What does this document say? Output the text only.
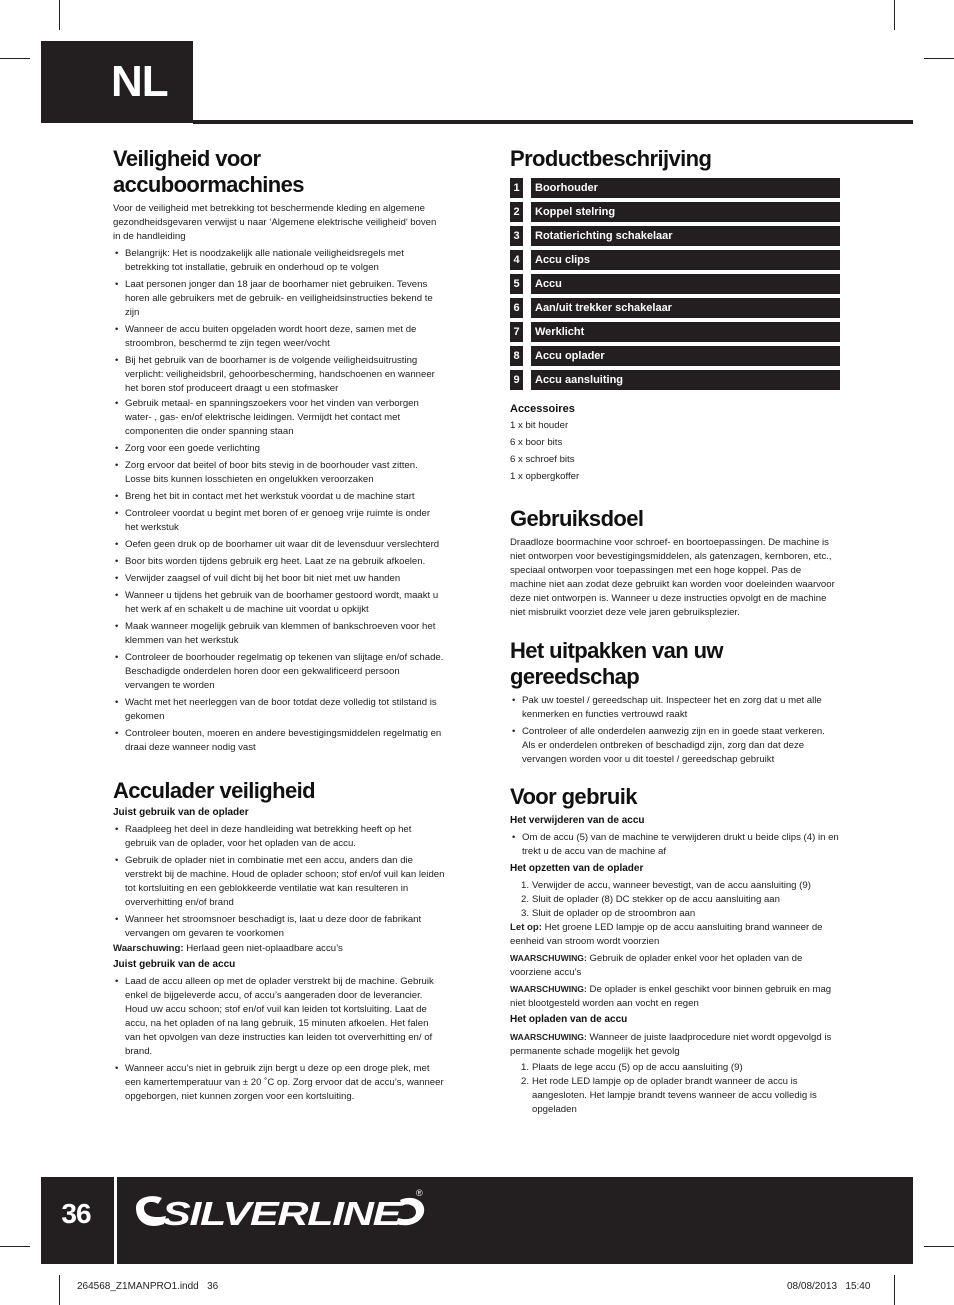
NL
Veiligheid voor accuboormachines

Voor de veiligheid met betrekking tot beschermende kleding en algemene gezondheidsgevaren verwijst u naar ‘Algemene elektrische veiligheid’ boven in de handleiding

• Belangrijk: Het is noodzakelijk alle nationale veiligheidsregels met betrekking tot installatie, gebruik en onderhoud op te volgen
• Laat personen jonger dan 18 jaar de boorhamer niet gebruiken. Tevens horen alle gebruikers met de gebruik- en veiligheidsinstructies bekend te zijn
• Wanneer de accu buiten opgeladen wordt hoort deze, samen met de stroombron, beschermd te zijn tegen weer/vocht
• Bij het gebruik van de boorhamer is de volgende veiligheidsuitrusting verplicht: veiligheidsbril, gehoorbescherming, handschoenen en wanneer het boren stof produceert draagt u een stofmasker
• Gebruik metaal- en spanningszoekers voor het vinden van verborgen water- , gas- en/of elektrische leidingen. Vermijdt het contact met componenten die onder spanning staan
• Zorg voor een goede verlichting
• Zorg ervoor dat beitel of boor bits stevig in de boorhouder vast zitten. Losse bits kunnen losschieten en ongelukken veroorzaken
• Breng het bit in contact met het werkstuk voordat u de machine start
• Controleer voordat u begint met boren of er genoeg vrije ruimte is onder het werkstuk
• Oefen geen druk op de boorhamer uit waar dit de levensduur verslechterd
• Boor bits worden tijdens gebruik erg heet. Laat ze na gebruik afkoelen.
• Verwijder zaagsel of vuil dicht bij het boor bit niet met uw handen
• Wanneer u tijdens het gebruik van de boorhamer gestoord wordt, maakt u het werk af en schakelt u de machine uit voordat u opkijkt
• Maak wanneer mogelijk gebruik van klemmen of bankschroeven voor het klemmen van het werkstuk
• Controleer de boorhouder regelmatig op tekenen van slijtage en/of schade. Beschadigde onderdelen horen door een gekwalificeerd persoon vervangen te worden
• Wacht met het neerleggen van de boor totdat deze volledig tot stilstand is gekomen
• Controleer bouten, moeren en andere bevestigingsmiddelen regelmatig en draai deze wanneer nodig vast
Acculader veiligheid
Juist gebruik van de oplader
• Raadpleeg het deel in deze handleiding wat betrekking heeft op het gebruik van de oplader, voor het opladen van de accu.
• Gebruik de oplader niet in combinatie met een accu, anders dan die verstrekt bij de machine. Houd de oplader schoon; stof en/of vuil kan leiden tot kortsluiting en een geblokkeerde ventilatie wat kan resulteren in oververhitting en/of brand
• Wanneer het stroomsnoer beschadigt is, laat u deze door de fabrikant vervangen om gevaren te voorkomen

Waarschuwing: Herlaad geen niet-oplaadbare accu’s

Juist gebruik van de accu
• Laad de accu alleen op met de oplader verstrekt bij de machine. Gebruik enkel de bijgeleverde accu, of accu’s aangeraden door de leverancier. Houd uw accu schoon; stof en/of vuil kan leiden tot kortsluiting. Laat de accu, na het opladen of na lang gebruik, 15 minuten afkoelen. Het falen van het opvolgen van deze instructies kan leiden tot oververhitting en/ of brand.
• Wanneer accu’s niet in gebruik zijn bergt u deze op een droge plek, met een kamertemperatuur van ± 20 ˚C op. Zorg ervoor dat de accu’s, wanneer opgeborgen, niet kunnen zorgen voor een kortsluiting.
Productbeschrijving
1	Boorhouder
2	Koppel stelring
3	Rotatierichting schakelaar
4	Accu clips
5	Accu
6	Aan/uit trekker schakelaar
7	Werklicht
8	Accu oplader
9	Accu aansluiting
Accessoires

1 x bit houder

6 x boor bits

6 x schroef bits

1 x opbergkoffer

Gebruiksdoel

Draadloze boormachine voor schroef- en boortoepassingen. De machine is niet ontworpen voor bevestigingsmiddelen, als gatenzagen, kernboren, etc., speciaal ontworpen voor toepassingen met een hoge koppel. Pas de machine niet aan zodat deze gebruikt kan worden voor doeleinden waarvoor deze niet ontworpen is. Wanneer u deze instructies opvolgt en de machine niet misbruikt voorziet deze vele jaren gebruiksplezier.

Het uitpakken van uw
gereedschap
• Pak uw toestel / gereedschap uit. Inspecteer het en zorg dat u met alle kenmerken en functies vertrouwd raakt
• Controleer of alle onderdelen aanwezig zijn en in goede staat verkeren. Als er onderdelen ontbreken of beschadigd zijn, zorg dan dat deze vervangen worden voor u dit toestel / gereedschap gebruikt
Voor gebruik
Het verwijderen van de accu
• Om de accu (5) van de machine te verwijderen drukt u beide clips (4) in en trekt u de accu van de machine af
Het opzetten van de oplader
1. Verwijder de accu, wanneer bevestigt, van de accu aansluiting (9)
2. Sluit de oplader (8) DC stekker op de accu aansluiting aan
3. Sluit de oplader op de stroombron aan

Let op: Het groene LED lampje op de accu aansluiting brand wanneer de eenheid van stroom wordt voorzien

WAARSCHUWING: Gebruik de oplader enkel voor het opladen van de voorziene accu’s

WAARSCHUWING: De oplader is enkel geschikt voor binnen gebruik en mag niet blootgesteld worden aan vocht en regen

Het opladen van de accu

WAARSCHUWING: Wanneer de juiste laadprocedure niet wordt opgevolgd is permanente schade mogelijk het gevolg

1. Plaats de lege accu (5) op de accu aansluiting (9)
2. Het rode LED lampje op de oplader brandt wanneer de accu is aangesloten. Het lampje brandt tevens wanneer de accu volledig is opgeladen
36	SILVERLINE
®
264568_Z1MANPRO1.indd   36	08/08/2013   15:40
